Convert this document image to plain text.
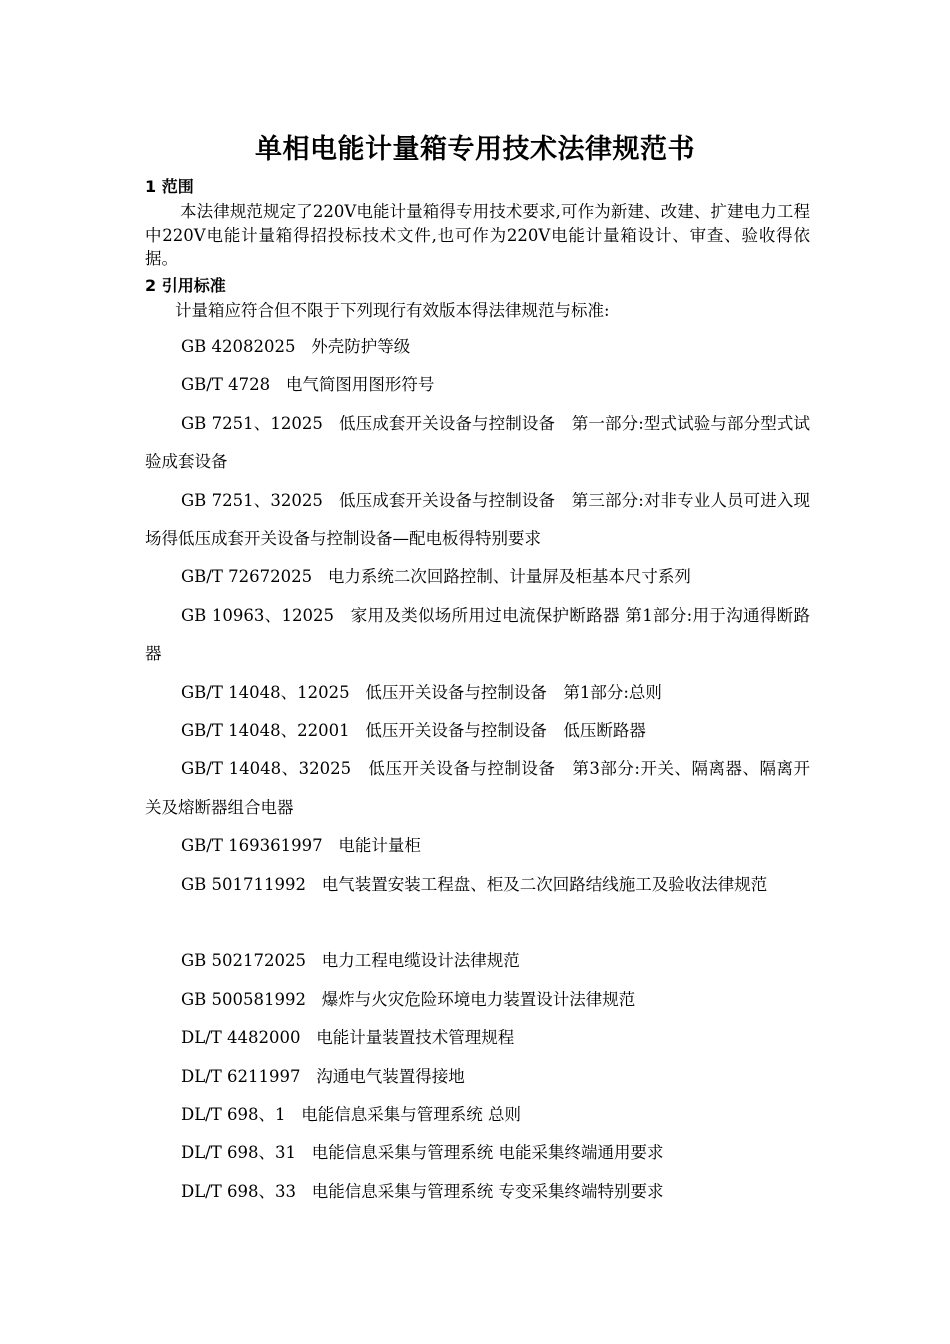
单相电能计量箱专用技术法律规范书
1 范围
本法律规范规定了220V电能计量箱得专用技术要求,可作为新建、改建、扩建电力工程中220V电能计量箱得招投标技术文件,也可作为220V电能计量箱设计、审查、验收得依据。
2 引用标准
计量箱应符合但不限于下列现行有效版本得法律规范与标准:
GB 42082025 外壳防护等级
GB/T 4728 电气简图用图形符号
GB 7251、12025 低压成套开关设备与控制设备　第一部分:型式试验与部分型式试验成套设备
GB 7251、32025 低压成套开关设备与控制设备　第三部分:对非专业人员可进入现场得低压成套开关设备与控制设备—配电板得特别要求
GB/T 72672025 电力系统二次回路控制、计量屏及柜基本尺寸系列
GB 10963、12025 家用及类似场所用过电流保护断路器 第1部分:用于沟通得断路器
GB/T 14048、12025 低压开关设备与控制设备　第1部分:总则
GB/T 14048、22001 低压开关设备与控制设备　低压断路器
GB/T 14048、32025 低压开关设备与控制设备　第3部分:开关、隔离器、隔离开关及熔断器组合电器
GB/T 169361997 电能计量柜
GB 501711992 电气装置安装工程盘、柜及二次回路结线施工及验收法律规范
GB 502172025 电力工程电缆设计法律规范
GB 500581992 爆炸与火灾危险环境电力装置设计法律规范
DL/T 4482000 电能计量装置技术管理规程
DL/T 6211997 沟通电气装置得接地
DL/T 698、1 电能信息采集与管理系统 总则
DL/T 698、31 电能信息采集与管理系统 电能采集终端通用要求
DL/T 698、33 电能信息采集与管理系统 专变采集终端特别要求
